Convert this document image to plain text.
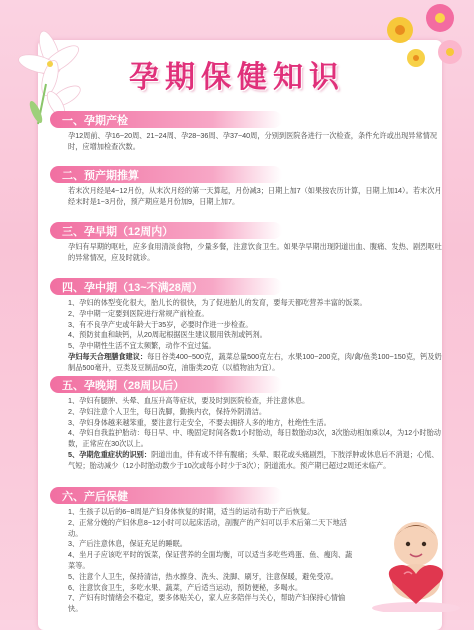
孕期保健知识
一、孕期产检

孕12周前、孕16~20周、21~24周、孕28~36周、孕37~40周，分别到医院各进行一次检查，条件允许或出现异常情况时，应增加检查次数。

二、预产期推算

若末次月经是4~12月份，从末次月经的第一天算起，月份减3；日期上加7（如果按农历计算，日期上加14）。若末次月经末时是1~3月份，预产期应是月份加9，日期上加7。

三、孕早期（12周内）

孕妇有早期的呕吐，应多食用清淡食物，少量多餐，注意饮食卫生。如果孕早期出现阴道出血、腹痛、发热、剧烈呕吐的异常情况，应及时就诊。

四、孕中期（13~不满28周）

1、孕妇的体型变化很大，胎儿长的很快，为了促进胎儿的发育，要每天都吃营养丰富的饭菜。

2、孕中期一定要到医院进行常规产前检查。

3、有不良孕产史或年龄大于35岁，必要时作进一步检查。

4、预防贫血和缺钙，从20周起根据医生建议服用铁剂或钙剂。

5、孕中期性生活不宜太频繁，动作不宜过猛。

孕妇每天合理膳食建议：每日谷类400~500克，蔬菜总量500克左右，水果100~200克，肉/禽/鱼类100~150克，钙及奶制品500毫升，豆类及豆制品50克，油脂类20克（以植物油为宜）。

五、孕晚期（28周以后）

1、孕妇有腿肿、头晕、血压升高等症状，要及时到医院检查，并注意休息。

2、孕妇注意个人卫生，每日洗脚，勤换内衣，保持外阴清洁。

3、孕妇身体越来越笨重，要注意行走安全，不要去拥挤人多的地方，杜绝性生活。

4、孕妇自我监护胎动：每日早、中、晚固定时间各数1小时胎动，每日数胎动3次，3次胎动相加乘以4，为12小时胎动数，正常应在30次以上。

5、孕期危重症状的识别：阴道出血，伴有或不伴有腹痛；头晕、眼花或头痛剧烈，下肢浮肿或休息后不消退；心慌、气短；胎动减少（12小时胎动数少于10次或每小时少于3次）；阴道流水。预产期已超过2周还未临产。

六、产后保健

1、生孩子以后的6~8周是产妇身体恢复的时期，适当的运动有助于产后恢复。

2、正常分娩的产妇休息8~12小时可以起床活动，剖腹产的产妇可以手术后第二天下地活动。

3、产后注意休息，保证充足的睡眠。

4、坐月子应该吃平时的饭菜，保证营养的全面均衡，可以适当多吃些鸡蛋、鱼、瘦肉、蔬菜等。

5、注意个人卫生，保持清洁，热水擦身、洗头、洗脚、刷牙，注意保暖，避免受凉。

6、注意饮食卫生，多吃水果、蔬菜，产后适当运动，预防便秘，多喝水。

7、产妇有时情绪会不稳定，要多体贴关心，家人应多陪伴与关心，帮助产妇保持心情愉快。
